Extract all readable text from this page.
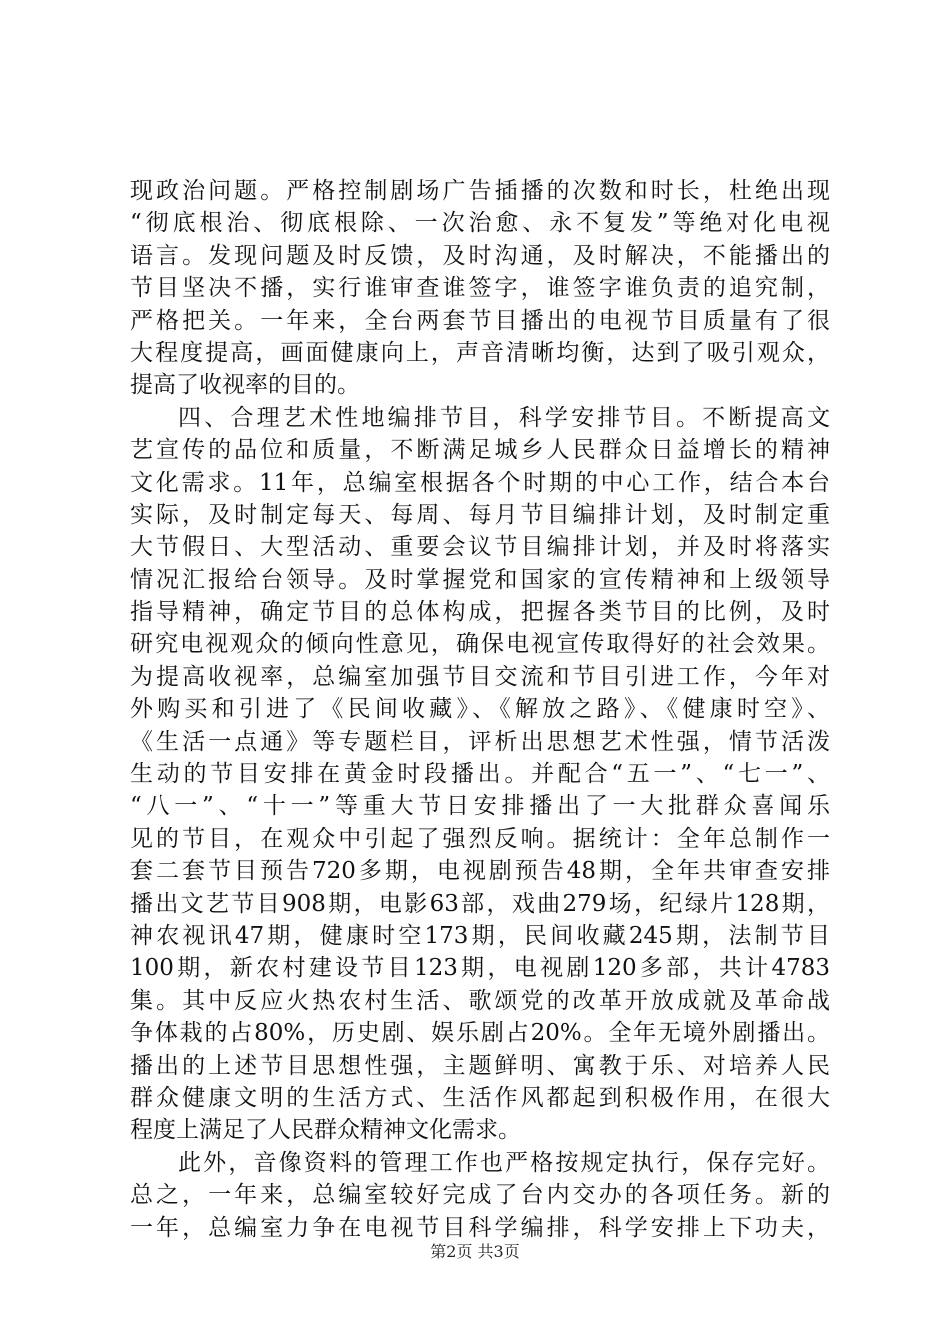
现政治问题。严格控制剧场广告插播的次数和时长，杜绝出现
“彻底根治、彻底根除、一次治愈、永不复发”等绝对化电视
语言。发现问题及时反馈，及时沟通，及时解决，不能播出的
节目坚决不播，实行谁审查谁签字，谁签字谁负责的追究制，
严格把关。一年来，全台两套节目播出的电视节目质量有了很
大程度提高，画面健康向上，声音清晰均衡，达到了吸引观众，
提高了收视率的目的。
四、合理艺术性地编排节目，科学安排节目。不断提高文
艺宣传的品位和质量，不断满足城乡人民群众日益增长的精神
文化需求。11年，总编室根据各个时期的中心工作，结合本台
实际，及时制定每天、每周、每月节目编排计划，及时制定重
大节假日、大型活动、重要会议节目编排计划，并及时将落实
情况汇报给台领导。及时掌握党和国家的宣传精神和上级领导
指导精神，确定节目的总体构成，把握各类节目的比例，及时
研究电视观众的倾向性意见，确保电视宣传取得好的社会效果。
为提高收视率，总编室加强节目交流和节目引进工作，今年对
外购买和引进了《民间收藏》、《解放之路》、《健康时空》、
《生活一点通》等专题栏目，评析出思想艺术性强，情节活泼
生动的节目安排在黄金时段播出。并配合“五一”、“七一”、
“八一”、“十一”等重大节日安排播出了一大批群众喜闻乐
见的节目，在观众中引起了强烈反响。据统计：全年总制作一
套二套节目预告720多期，电视剧预告48期，全年共审查安排
播出文艺节目908期，电影63部，戏曲279场，纪绿片128期，
神农视讯47期，健康时空173期，民间收藏245期，法制节目
100期，新农村建设节目123期，电视剧120多部，共计4783
集。其中反应火热农村生活、歌颂党的改革开放成就及革命战
争体栽的占80%，历史剧、娱乐剧占20%。全年无境外剧播出。
播出的上述节目思想性强，主题鲜明、寓教于乐、对培养人民
群众健康文明的生活方式、生活作风都起到积极作用，在很大
程度上满足了人民群众精神文化需求。
此外，音像资料的管理工作也严格按规定执行，保存完好。
总之，一年来，总编室较好完成了台内交办的各项任务。新的
一年，总编室力争在电视节目科学编排，科学安排上下功夫，
第2页 共3页
